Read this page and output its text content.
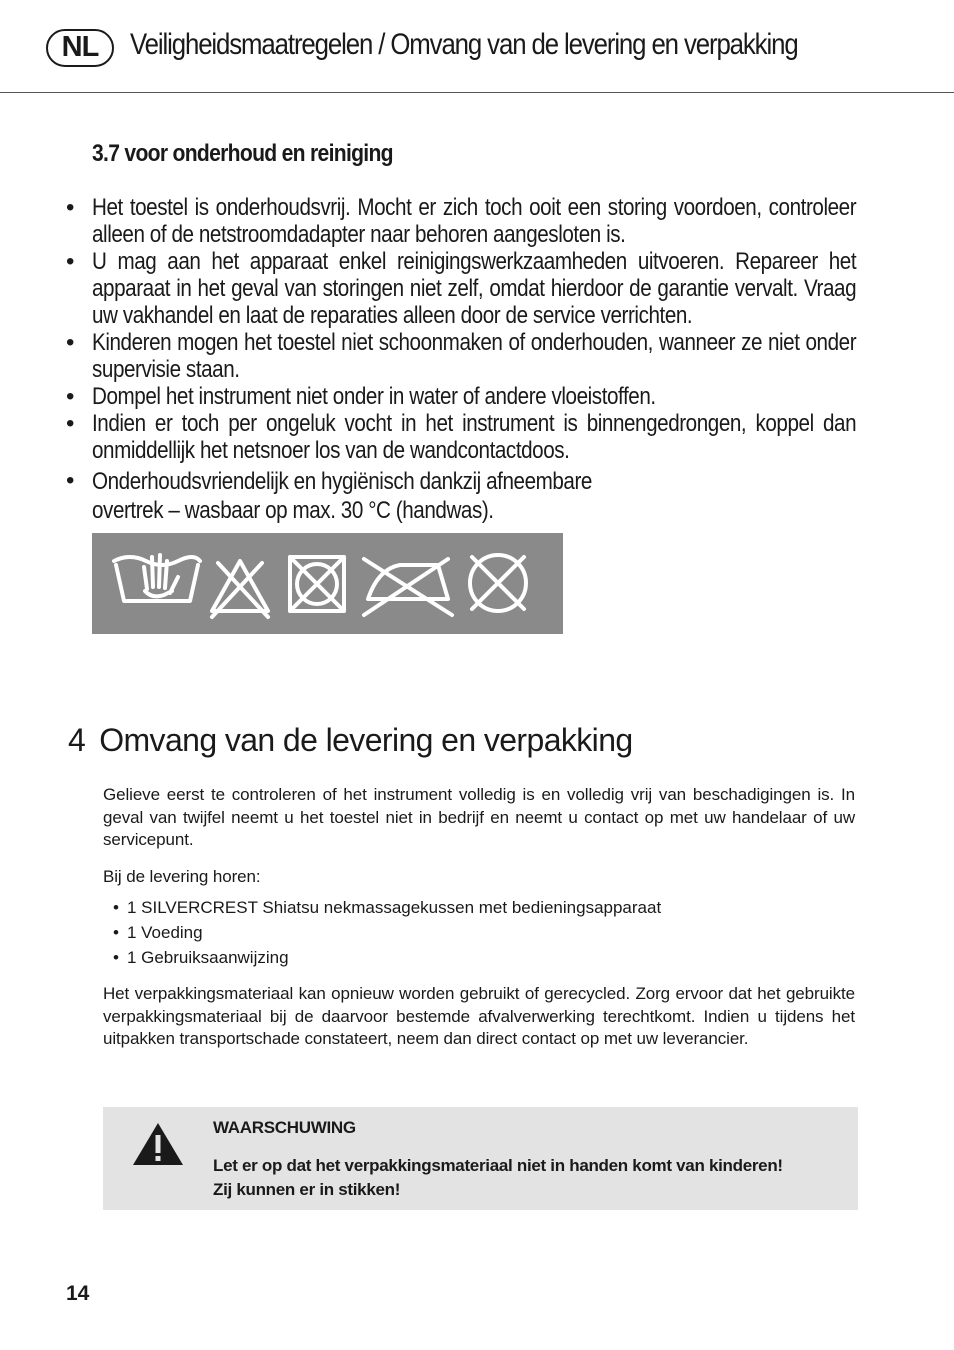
NL	Veiligheidsmaatregelen / Omvang van de levering en verpakking
3.7 voor onderhoud en reiniging
• Het toestel is onderhoudsvrij. Mocht er zich toch ooit een storing voordoen, controleer alleen of de netstroomdadapter naar behoren aangesloten is.
• U mag aan het apparaat enkel reinigingswerkzaamheden uitvoeren. Repareer het apparaat in het geval van storingen niet zelf, omdat hierdoor de garantie vervalt. Vraag uw vakhandel en laat de reparaties alleen door de service verrichten.
• Kinderen mogen het toestel niet schoonmaken of onderhouden, wanneer ze niet onder supervisie staan.
• Dompel het instrument niet onder in water of andere vloeistoffen.
• Indien er toch per ongeluk vocht in het instrument is binnengedrongen, koppel dan onmiddellijk het netsnoer los van de wandcontactdoos.
• Onderhoudsvriendelijk en hygiënisch dankzij afneembare
overtrek – wasbaar op max. 30 °C (handwas).
4 Omvang van de levering en verpakking
Gelieve eerst te controleren of het instrument volledig is en volledig vrij van beschadigingen is. In geval van twijfel neemt u het toestel niet in bedrijf en neemt u contact op met uw handelaar of uw servicepunt.
Bij de levering horen:
• 1 SILVERCREST Shiatsu nekmassagekussen met bedieningsapparaat
• 1 Voeding
• 1 Gebruiksaanwijzing
Het verpakkingsmateriaal kan opnieuw worden gebruikt of gerecycled. Zorg ervoor dat het gebruikte verpakkingsmateriaal bij de daarvoor bestemde afvalverwerking terechtkomt. Indien u tijdens het uitpakken transportschade constateert, neem dan direct contact op met uw leverancier.
WAARSCHUWING
Let er op dat het verpakkingsmateriaal niet in handen komt van kinderen!
Zij kunnen er in stikken!
14
